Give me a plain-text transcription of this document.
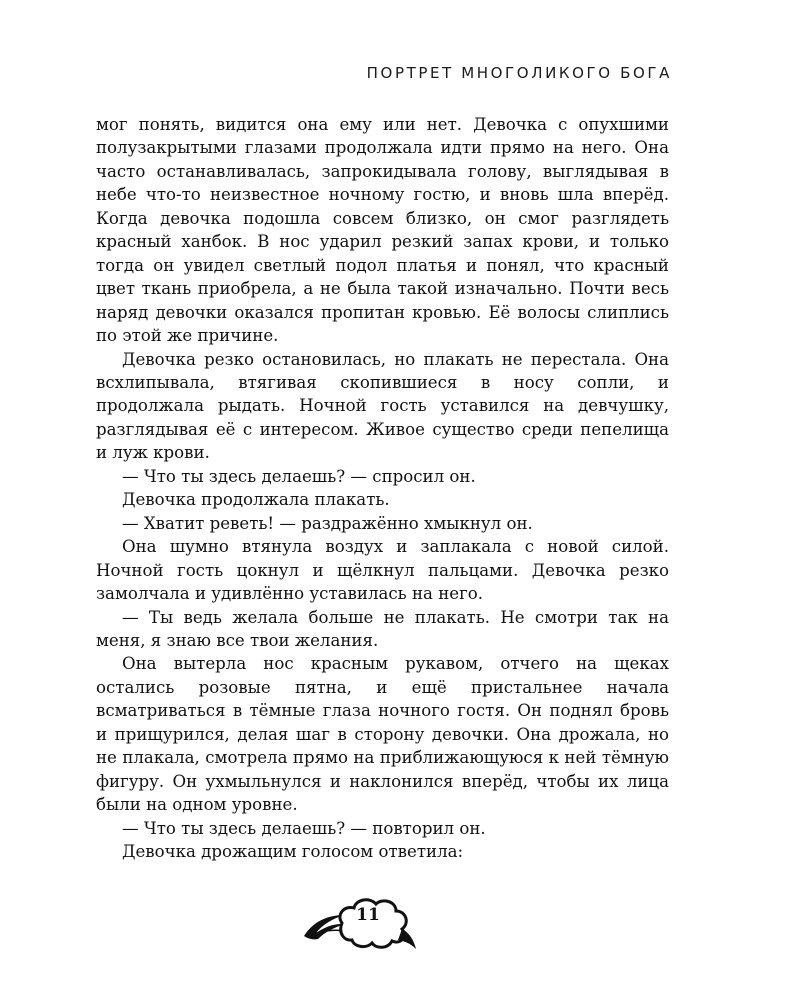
ПОРТРЕТ МНОГОЛИКОГО БОГА

мог понять, видится она ему или нет. Девочка с опухшими полузакрытыми глазами продолжала идти прямо на него. Она часто останавливалась, запрокидывала голову, выглядывая в небе что-то неизвестное ночному гостю, и вновь шла вперёд. Когда девочка подошла совсем близко, он смог разглядеть красный ханбок. В нос ударил резкий запах крови, и только тогда он увидел светлый подол платья и понял, что красный цвет ткань приобрела, а не была такой изначально. Почти весь наряд девочки оказался пропитан кровью. Её волосы слиплись по этой же причине.

Девочка резко остановилась, но плакать не перестала. Она всхлипывала, втягивая скопившиеся в носу сопли, и продолжала рыдать. Ночной гость уставился на девчушку, разглядывая её с интересом. Живое существо среди пепелища и луж крови.

— Что ты здесь делаешь? — спросил он.

Девочка продолжала плакать.

— Хватит реветь! — раздражённо хмыкнул он.

Она шумно втянула воздух и заплакала с новой силой. Ночной гость цокнул и щёлкнул пальцами. Девочка резко замолчала и удивлённо уставилась на него.

— Ты ведь желала больше не плакать. Не смотри так на меня, я знаю все твои желания.

Она вытерла нос красным рукавом, отчего на щеках остались розовые пятна, и ещё пристальнее начала всматриваться в тёмные глаза ночного гостя. Он поднял бровь и прищурился, делая шаг в сторону девочки. Она дрожала, но не плакала, смотрела прямо на приближающуюся к ней тёмную фигуру. Он ухмыльнулся и наклонился вперёд, чтобы их лица были на одном уровне.

— Что ты здесь делаешь? — повторил он.

Девочка дрожащим голосом ответила:

11
